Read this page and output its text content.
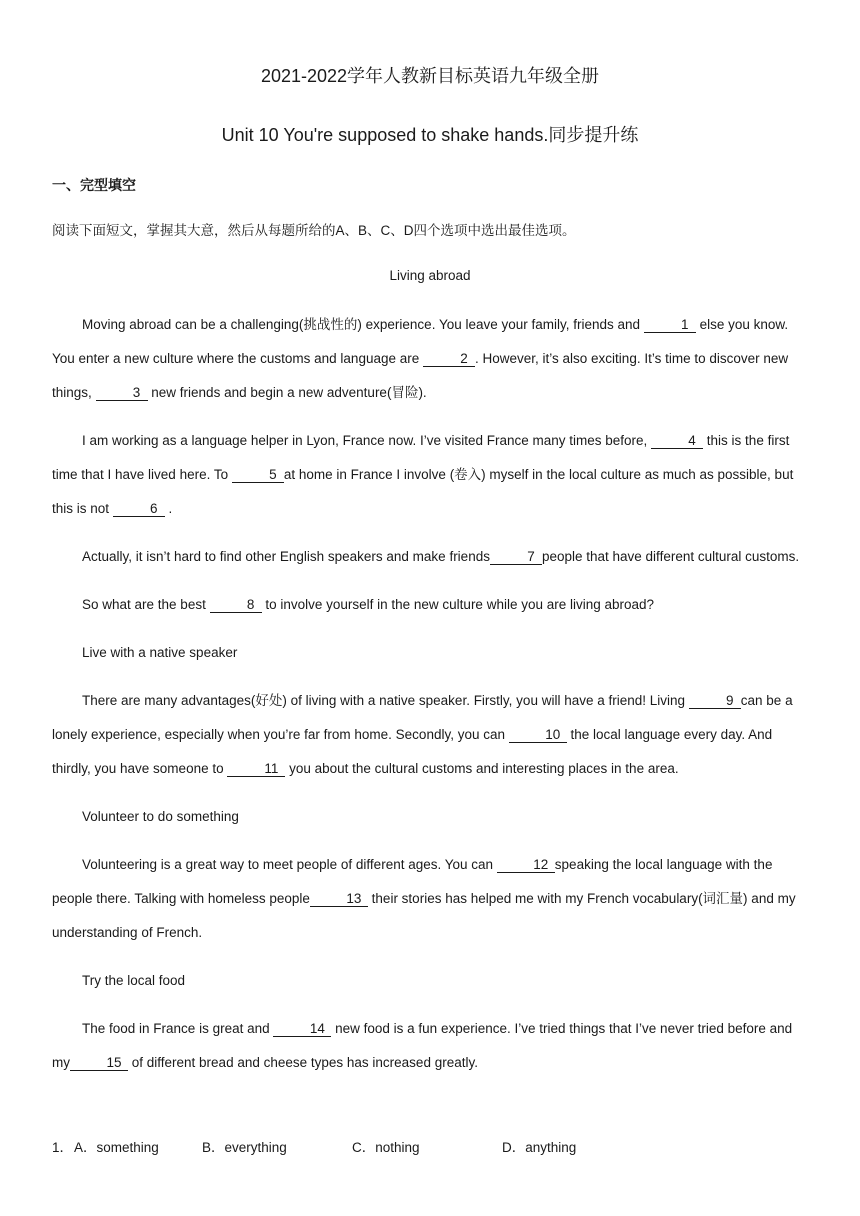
2021-2022学年人教新目标英语九年级全册
Unit 10 You're supposed to shake hands.同步提升练
一、完型填空
阅读下面短文，掌握其大意，然后从每题所给的A、B、C、D四个选项中选出最佳选项。
Living abroad

Moving abroad can be a challenging(挑战性的) experience. You leave your family, friends and	1 else you know. You enter a new culture where the customs and language are	2 . However, it’s also exciting. It’s time to discover new things,	3 new friends and begin a new adventure(冒险).

I am working as a language helper in Lyon, France now. I’ve visited France many times before,	4 this is the first time that I have lived here. To	5 at home in France I involve (卷入) myself in the local culture as much as possible, but this is not	6 .

Actually, it isn’t hard to find other English speakers and make friends	7 people that have different cultural customs.

So what are the best	8 to involve yourself in the new culture while you are living abroad?

Live with a native speaker

There are many advantages(好处) of living with a native speaker. Firstly, you will have a friend! Living	9 can be a lonely experience, especially when you’re far from home. Secondly, you can	10 the local language every day. And thirdly, you have someone to	11 you about the cultural customs and interesting places in the area.

Volunteer to do something

Volunteering is a great way to meet people of different ages. You can	12 speaking the local language with the people there. Talking with homeless people	13 their stories has helped me with my French vocabulary(词汇量) and my understanding of French.

Try the local food

The food in France is great and	14 new food is a fun experience. I’ve tried things that I’ve never tried before and my	15 of different bread and cheese types has increased greatly.

1． A．something	B．everything	C．nothing	D．anything
